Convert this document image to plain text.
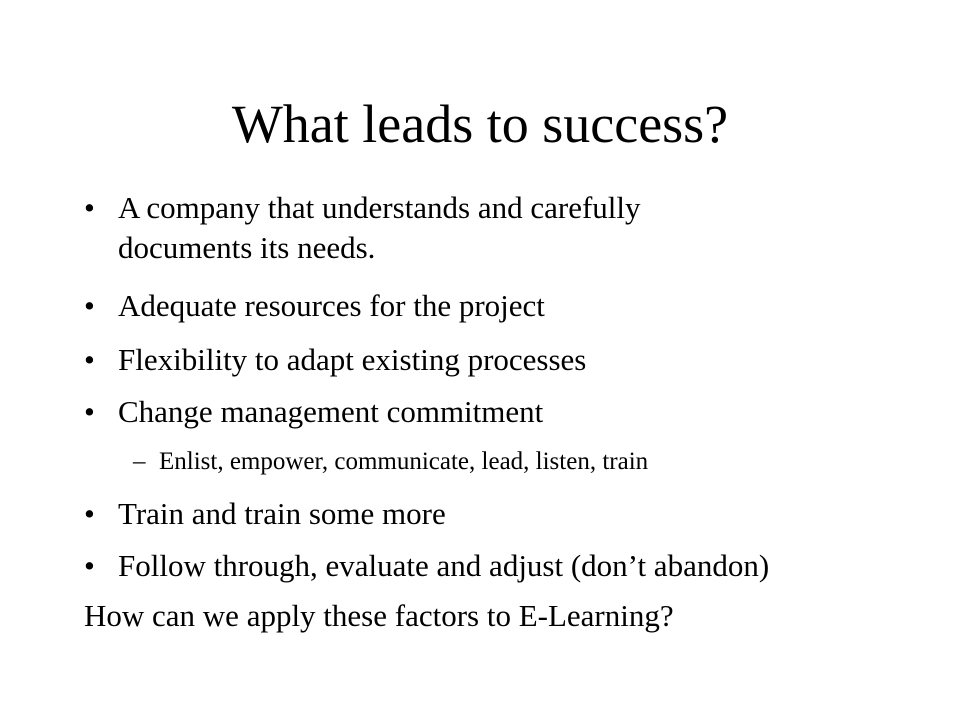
What leads to success?
• A company that understands and carefully
documents its needs.
• Adequate resources for the project
• Flexibility to adapt existing processes
• Change management commitment
– Enlist, empower, communicate, lead, listen, train
• Train and train some more
• Follow through, evaluate and adjust (don’t abandon)
How can we apply these factors to E-Learning?
